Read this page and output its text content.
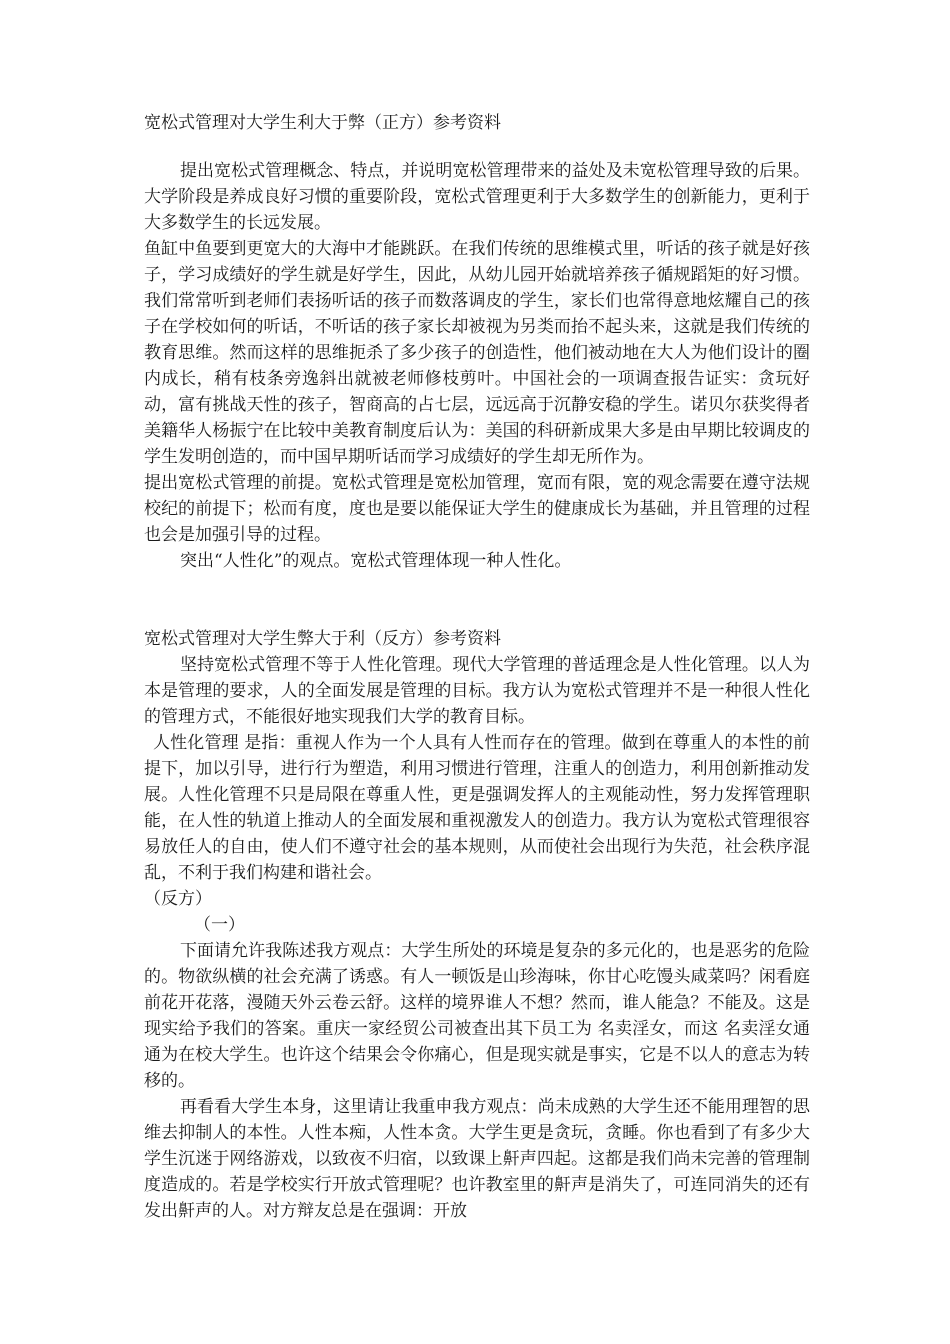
宽松式管理对大学生利大于弊（正方）参考资料

提出宽松式管理概念、特点，并说明宽松管理带来的益处及未宽松管理导致的后果。大学阶段是养成良好习惯的重要阶段，宽松式管理更利于大多数学生的创新能力，更利于大多数学生的长远发展。

鱼缸中鱼要到更宽大的大海中才能跳跃。在我们传统的思维模式里，听话的孩子就是好孩子，学习成绩好的学生就是好学生，因此，从幼儿园开始就培养孩子循规蹈矩的好习惯。我们常常听到老师们表扬听话的孩子而数落调皮的学生，家长们也常得意地炫耀自己的孩子在学校如何的听话，不听话的孩子家长却被视为另类而抬不起头来，这就是我们传统的教育思维。然而这样的思维扼杀了多少孩子的创造性，他们被动地在大人为他们设计的圈内成长，稍有枝条旁逸斜出就被老师修枝剪叶。中国社会的一项调查报告证实：贪玩好动，富有挑战天性的孩子，智商高的占七层，远远高于沉静安稳的学生。诺贝尔获奖得者美籍华人杨振宁在比较中美教育制度后认为：美国的科研新成果大多是由早期比较调皮的学生发明创造的，而中国早期听话而学习成绩好的学生却无所作为。

提出宽松式管理的前提。宽松式管理是宽松加管理，宽而有限，宽的观念需要在遵守法规校纪的前提下；松而有度，度也是要以能保证大学生的健康成长为基础，并且管理的过程也会是加强引导的过程。

突出“人性化”的观点。宽松式管理体现一种人性化。

宽松式管理对大学生弊大于利（反方）参考资料

坚持宽松式管理不等于人性化管理。现代大学管理的普适理念是人性化管理。以人为本是管理的要求，人的全面发展是管理的目标。我方认为宽松式管理并不是一种很人性化的管理方式，不能很好地实现我们大学的教育目标。

人性化管理 是指：重视人作为一个人具有人性而存在的管理。做到在尊重人的本性的前提下，加以引导，进行行为塑造，利用习惯进行管理，注重人的创造力，利用创新推动发展。人性化管理不只是局限在尊重人性，更是强调发挥人的主观能动性，努力发挥管理职能，在人性的轨道上推动人的全面发展和重视激发人的创造力。我方认为宽松式管理很容易放任人的自由，使人们不遵守社会的基本规则，从而使社会出现行为失范，社会秩序混乱，不利于我们构建和谐社会。

（反方）

（一）

下面请允许我陈述我方观点：大学生所处的环境是复杂的多元化的，也是恶劣的危险的。物欲纵横的社会充满了诱惑。有人一顿饭是山珍海味，你甘心吃馒头咸菜吗？闲看庭前花开花落，漫随天外云卷云舒。这样的境界谁人不想？然而，谁人能急？不能及。这是现实给予我们的答案。重庆一家经贸公司被查出其下员工为 名卖淫女，而这 名卖淫女通通为在校大学生。也许这个结果会令你痛心，但是现实就是事实，它是不以人的意志为转移的。

再看看大学生本身，这里请让我重申我方观点：尚未成熟的大学生还不能用理智的思维去抑制人的本性。人性本痴，人性本贪。大学生更是贪玩，贪睡。你也看到了有多少大学生沉迷于网络游戏，以致夜不归宿，以致课上鼾声四起。这都是我们尚未完善的管理制度造成的。若是学校实行开放式管理呢？也许教室里的鼾声是消失了，可连同消失的还有发出鼾声的人。对方辩友总是在强调：开放
